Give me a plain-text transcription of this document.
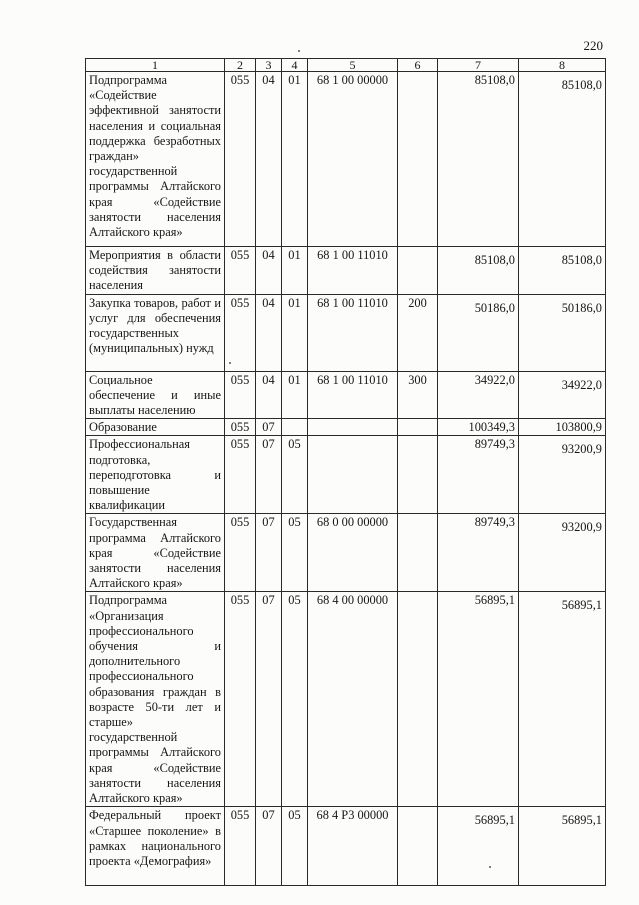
220
1	2	3	4	5	6	7	8
Подпрограмма «Содействие эффективной занятости населения и социальная поддержка безработных граждан» государственной программы Алтайского края «Содействие занятости населения Алтайского края»	055	04	01	68 1 00 00000		85108,0	85108,0
Мероприятия в области содействия занятости населения	055	04	01	68 1 00 11010		85108,0	85108,0
Закупка товаров, работ и услуг для обеспечения государственных (муниципальных) нужд	055	04	01	68 1 00 11010	200	50186,0	50186,0
Социальное обеспечение и иные выплаты населению	055	04	01	68 1 00 11010	300	34922,0	34922,0
Образование	055	07				100349,3	103800,9
Профессиональная подготовка, переподготовка и повышение квалификации	055	07	05			89749,3	93200,9
Государственная программа Алтайского края «Содействие занятости населения Алтайского края»	055	07	05	68 0 00 00000		89749,3	93200,9
Подпрограмма «Организация профессионального обучения и дополнительного профессионального образования граждан в возрасте 50-ти лет и старше» государственной программы Алтайского края «Содействие занятости населения Алтайского края»	055	07	05	68 4 00 00000		56895,1	56895,1
Федеральный проект «Старшее поколение» в рамках национального проекта «Демография»	055	07	05	68 4 P3 00000		56895,1	56895,1
